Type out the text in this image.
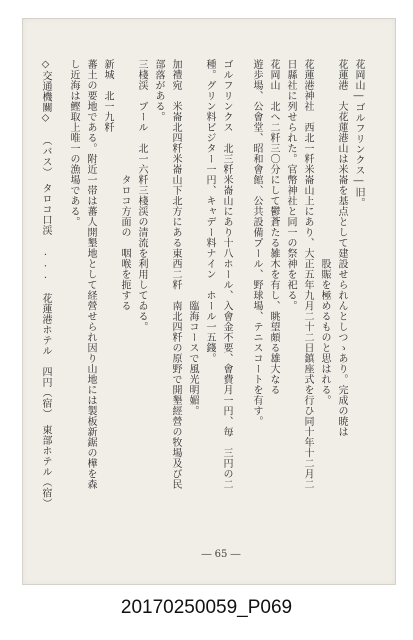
花岡山―ゴルフリンクス―旧。
花蓮港　大花蓮港山は米崙を基点として建設せられんとしつゝあり。完成の暁は
　　　　　　　　　　　　　　　　　　　股賑を極めるものと思はれる。
花蓮港神社　西北一粁米崙山上にあり、大正五年九月二十二日鎮座式を行ひ同十年十二月二日縣社に列せられた。官幣神社と同一の祭神を祀る。
花岡山　北へ二粁三〇分にして鬱蒼たる雑木を有し、眺望頗る雄大なる
遊歩場、公會堂、昭和會館、公共設備プール、野球場、テニスコートを有す。
ゴルフリンクス　北三粁米崙山にあり十八ホール、入會金不要、會費月一円、毎　三円の二種。グリン料ビジター一円、キャデー料ナイン　ホール一五錢。
　　　　　　　　　　　　　　　　　　　　　　　臨海コースで風光明媚。
加禮宛　米崙北四粁米崙山下北方にある東西二粁　南北四粁の原野で開墾經營の牧場及び民部落がある。
三棧渓　ブール　北一六粁三棧渓の清流を利用してゐる。
　　　　　　　　　　　タロコ方面の　咽喉を扼する　
新城　北一九粁
蕃土の要地である。附近一帯は蕃人開墾地として経營せられ因り山地には製板新鋸の樺を森し近海は鰹取上唯一の漁場である。
◇交通機關◇ （バス）　タロコ口渓 ... 花蓮港ホテル　四円（宿）　東部ホテル（宿）
― 65 ―
20170250059_P069
